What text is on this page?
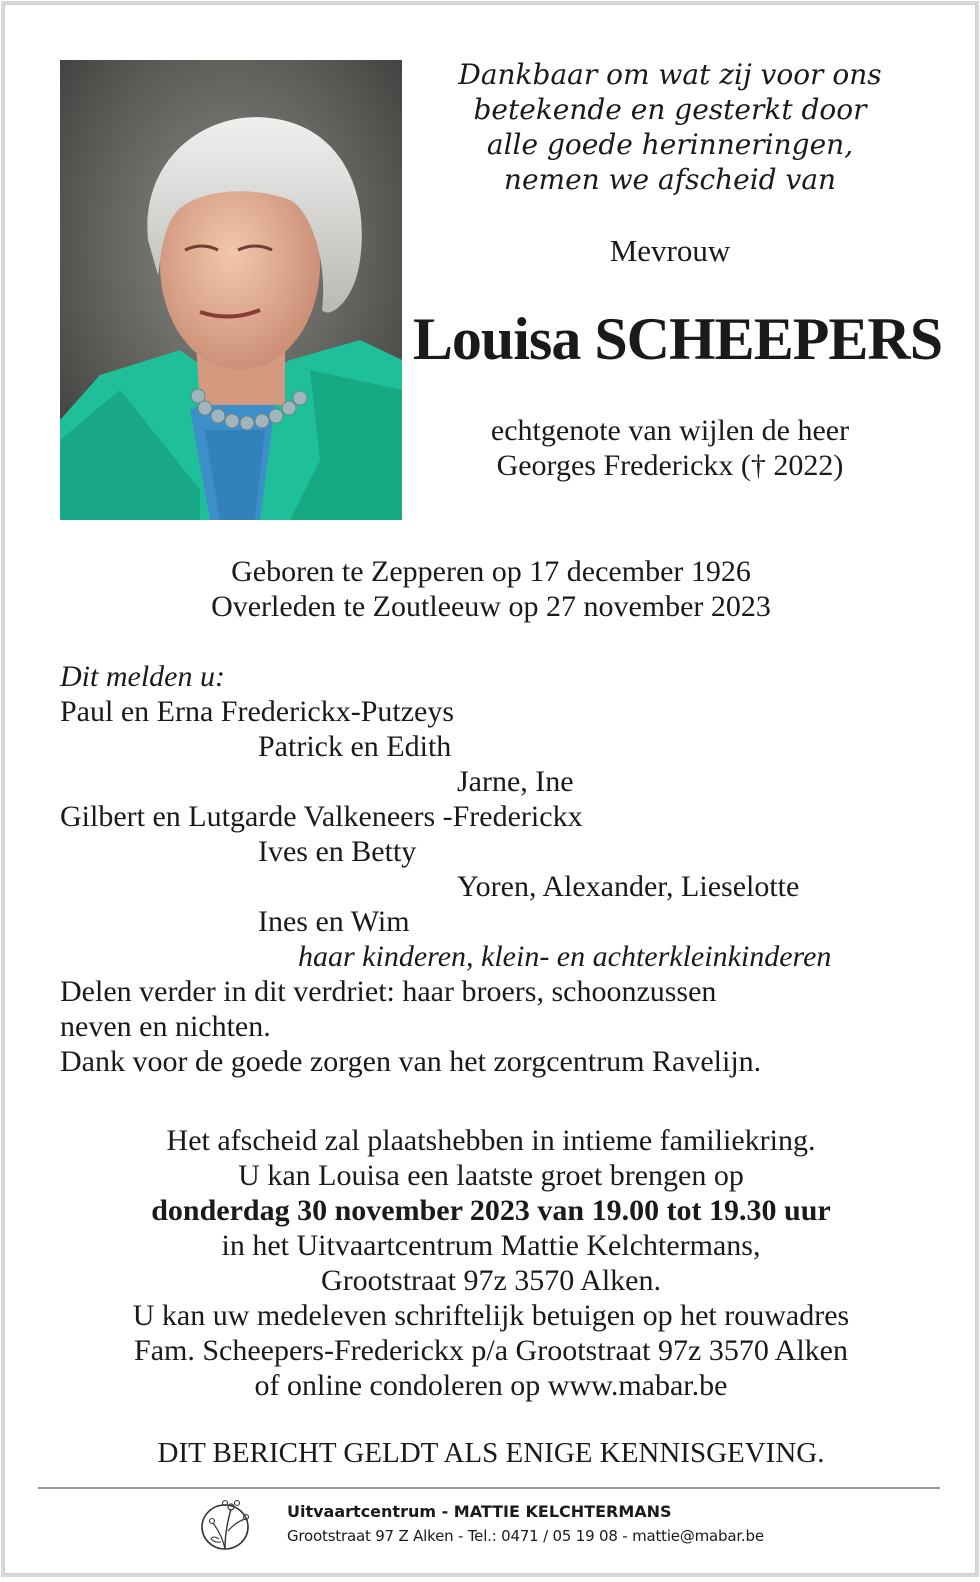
Dankbaar om wat zij voor ons
betekende en gesterkt door
alle goede herinneringen,
nemen we afscheid van
Mevrouw
Louisa SCHEEPERS
echtgenote van wijlen de heer
Georges Frederickx († 2022)
Geboren te Zepperen op 17 december 1926
Overleden te Zoutleeuw op 27 november 2023
Dit melden u:
Paul en Erna Frederickx-Putzeys
Patrick en Edith
Jarne, Ine
Gilbert en Lutgarde Valkeneers -Frederickx
Ives en Betty
Yoren, Alexander, Lieselotte
Ines en Wim
haar kinderen, klein- en achterkleinkinderen
Delen verder in dit verdriet: haar broers, schoonzussen
neven en nichten.
Dank voor de goede zorgen van het zorgcentrum Ravelijn.
Het afscheid zal plaatshebben in intieme familiekring.
U kan Louisa een laatste groet brengen op
donderdag 30 november 2023 van 19.00 tot 19.30 uur
in het Uitvaartcentrum Mattie Kelchtermans,
Grootstraat 97z 3570 Alken.
U kan uw medeleven schriftelijk betuigen op het rouwadres
Fam. Scheepers-Frederickx p/a Grootstraat 97z 3570 Alken
of online condoleren op www.mabar.be
DIT BERICHT GELDT ALS ENIGE KENNISGEVING.
Uitvaartcentrum - MATTIE KELCHTERMANS
Grootstraat 97 Z Alken - Tel.: 0471 / 05 19 08 - mattie@mabar.be
